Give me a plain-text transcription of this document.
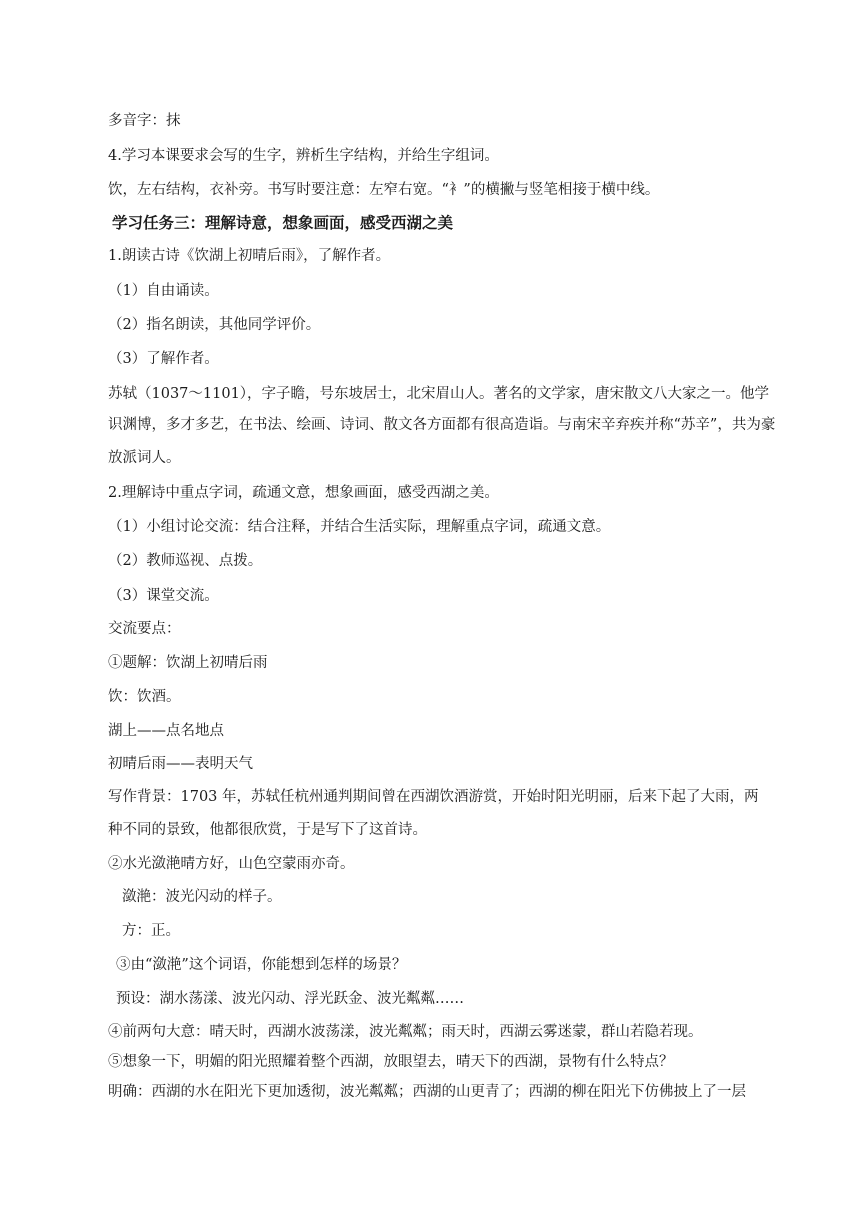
多音字：抹
4.学习本课要求会写的生字，辨析生字结构，并给生字组词。
饮，左右结构，衣补旁。书写时要注意：左窄右宽。“衤”的横撇与竖笔相接于横中线。
学习任务三：理解诗意，想象画面，感受西湖之美
1.朗读古诗《饮湖上初晴后雨》，了解作者。
（1）自由诵读。
（2）指名朗读，其他同学评价。
（3）了解作者。
苏轼（1037～1101），字子瞻，号东坡居士，北宋眉山人。著名的文学家，唐宋散文八大家之一。他学
识渊博，多才多艺，在书法、绘画、诗词、散文各方面都有很高造诣。与南宋辛弃疾并称“苏辛”，共为豪
放派词人。
2.理解诗中重点字词，疏通文意，想象画面，感受西湖之美。
（1）小组讨论交流：结合注释，并结合生活实际，理解重点字词，疏通文意。
（2）教师巡视、点拨。
（3）课堂交流。
交流要点：
①题解：饮湖上初晴后雨
饮：饮酒。
湖上——点名地点
初晴后雨——表明天气
写作背景：1703 年，苏轼任杭州通判期间曾在西湖饮酒游赏，开始时阳光明丽，后来下起了大雨，两
种不同的景致，他都很欣赏，于是写下了这首诗。
②水光潋滟晴方好，山色空蒙雨亦奇。
潋滟：波光闪动的样子。
方：正。
③由“潋滟”这个词语，你能想到怎样的场景？
预设：湖水荡漾、波光闪动、浮光跃金、波光粼粼……
④前两句大意：晴天时，西湖水波荡漾，波光粼粼；雨天时，西湖云雾迷蒙，群山若隐若现。
⑤想象一下，明媚的阳光照耀着整个西湖，放眼望去，晴天下的西湖，景物有什么特点？
明确：西湖的水在阳光下更加透彻，波光粼粼；西湖的山更青了；西湖的柳在阳光下仿佛披上了一层
